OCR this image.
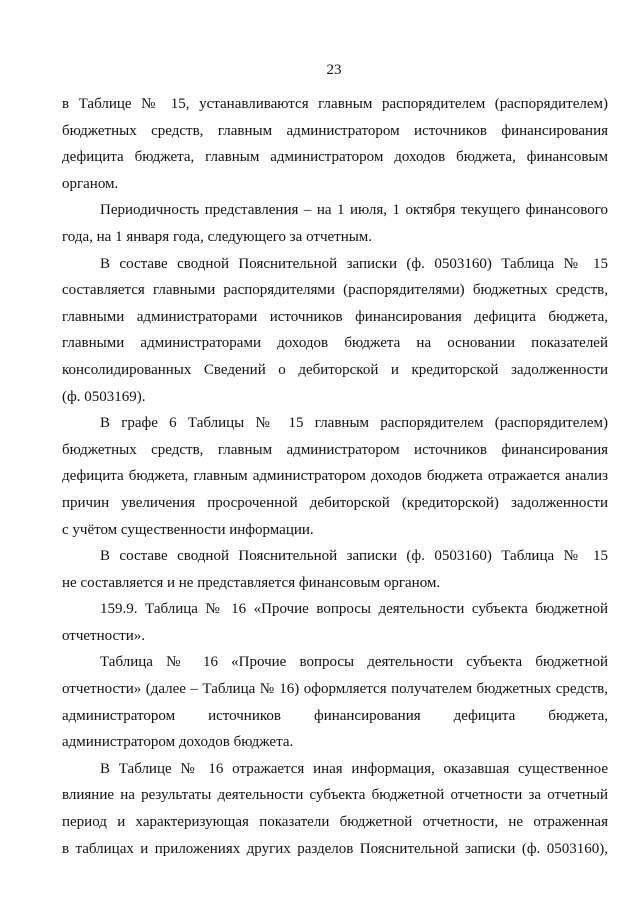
23

в Таблице № 15, устанавливаются главным распорядителем (распорядителем)
бюджетных средств, главным администратором источников финансирования
дефицита бюджета, главным администратором доходов бюджета, финансовым
органом.

Периодичность представления – на 1 июля, 1 октября текущего финансового
года, на 1 января года, следующего за отчетным.

В составе сводной Пояснительной записки (ф. 0503160) Таблица № 15
составляется главными распорядителями (распорядителями) бюджетных средств,
главными администраторами источников финансирования дефицита бюджета,
главными администраторами доходов бюджета на основании показателей
консолидированных Сведений о дебиторской и кредиторской задолженности
(ф. 0503169).

В графе 6 Таблицы № 15 главным распорядителем (распорядителем)
бюджетных средств, главным администратором источников финансирования
дефицита бюджета, главным администратором доходов бюджета отражается анализ
причин увеличения просроченной дебиторской (кредиторской) задолженности
с учётом существенности информации.

В составе сводной Пояснительной записки (ф. 0503160) Таблица № 15
не составляется и не представляется финансовым органом.

159.9. Таблица № 16 «Прочие вопросы деятельности субъекта бюджетной
отчетности».

Таблица № 16 «Прочие вопросы деятельности субъекта бюджетной
отчетности» (далее – Таблица № 16) оформляется получателем бюджетных средств,
администратором источников финансирования дефицита бюджета,
администратором доходов бюджета.

В Таблице № 16 отражается иная информация, оказавшая существенное
влияние на результаты деятельности субъекта бюджетной отчетности за отчетный
период и характеризующая показатели бюджетной отчетности, не отраженная
в таблицах и приложениях других разделов Пояснительной записки (ф. 0503160),
